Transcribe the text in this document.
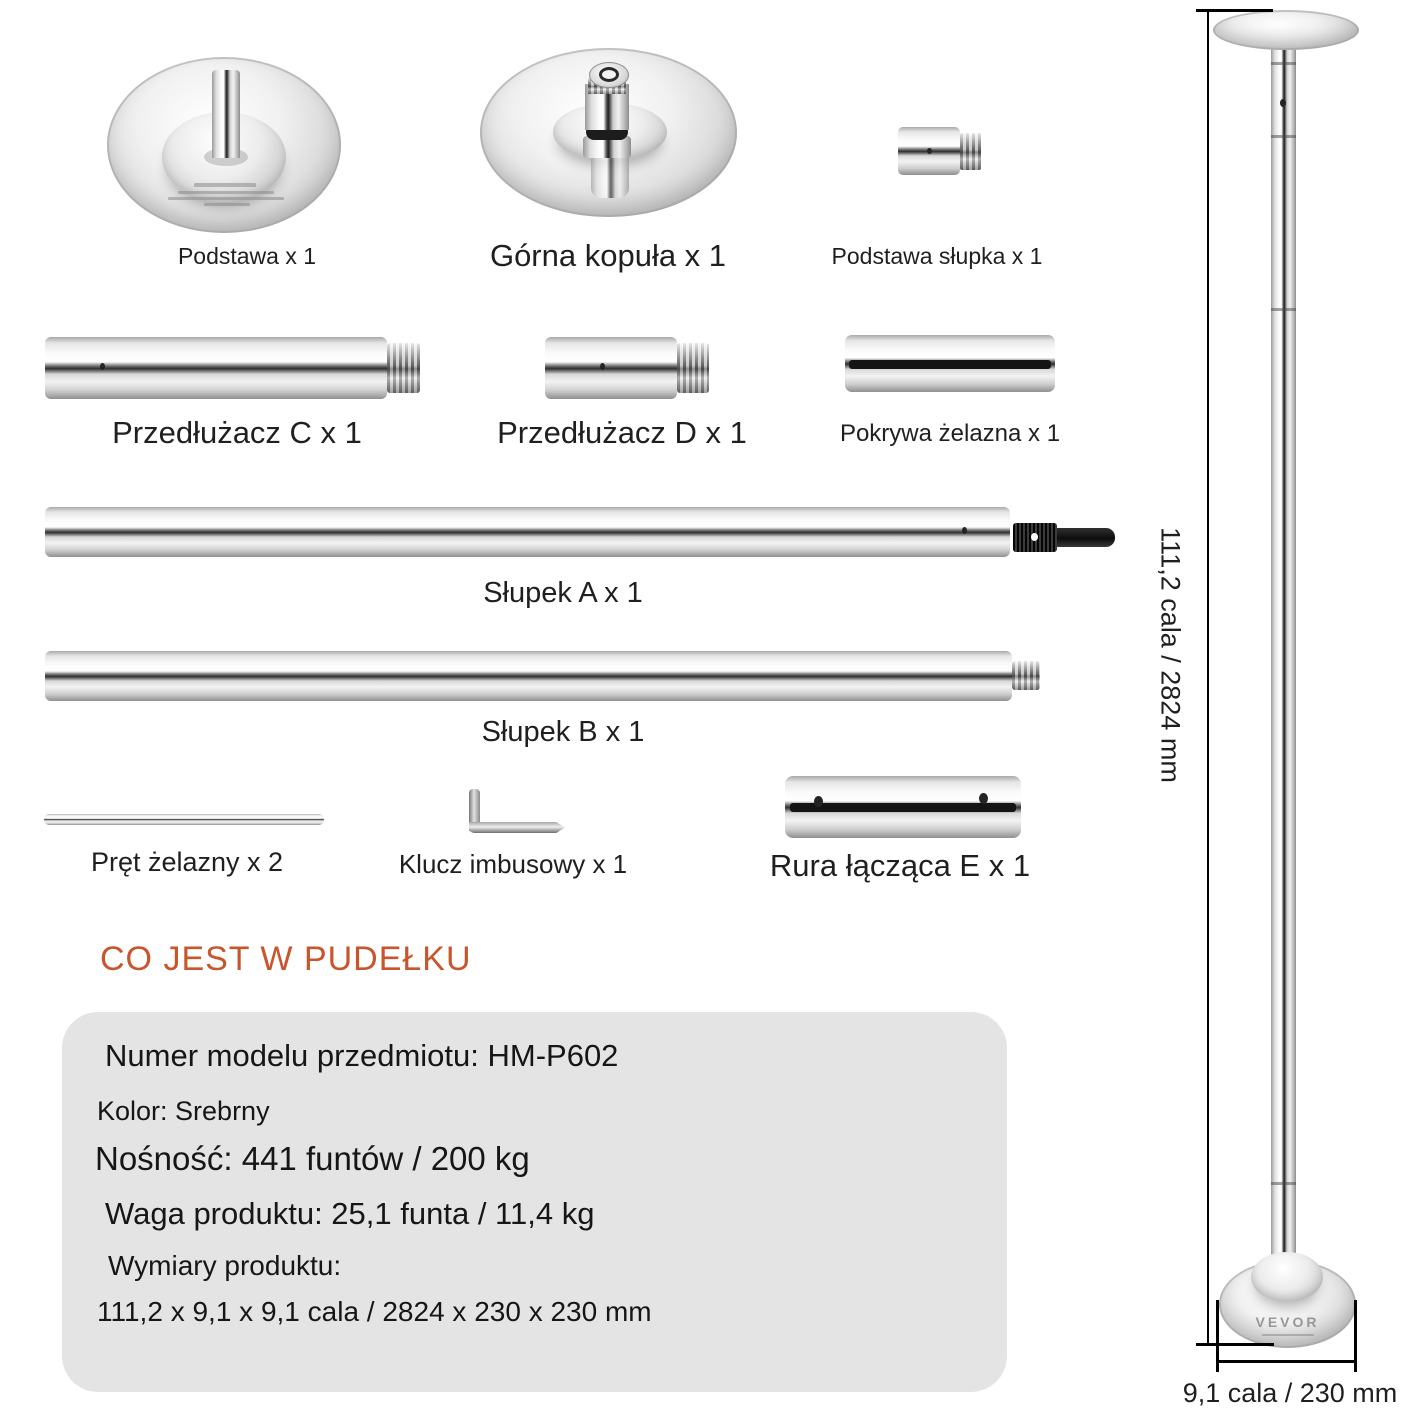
Podstawa x 1	Górna kopuła x 1	Podstawa słupka x 1
Przedłużacz C x 1	Przedłużacz D x 1	Pokrywa żelazna x 1
Słupek A x 1
Słupek B x 1
Pręt żelazny x 2	Klucz imbusowy x 1	Rura łącząca E x 1
CO JEST W PUDEŁKU
Numer modelu przedmiotu: HM-P602
Kolor: Srebrny
Nośność: 441 funtów / 200 kg
Waga produktu: 25,1 funta / 11,4 kg
Wymiary produktu:
111,2 x 9,1 x 9,1 cala / 2824 x 230 x 230 mm
111,2 cala / 2824 mm
VEVOR
9,1 cala / 230 mm
